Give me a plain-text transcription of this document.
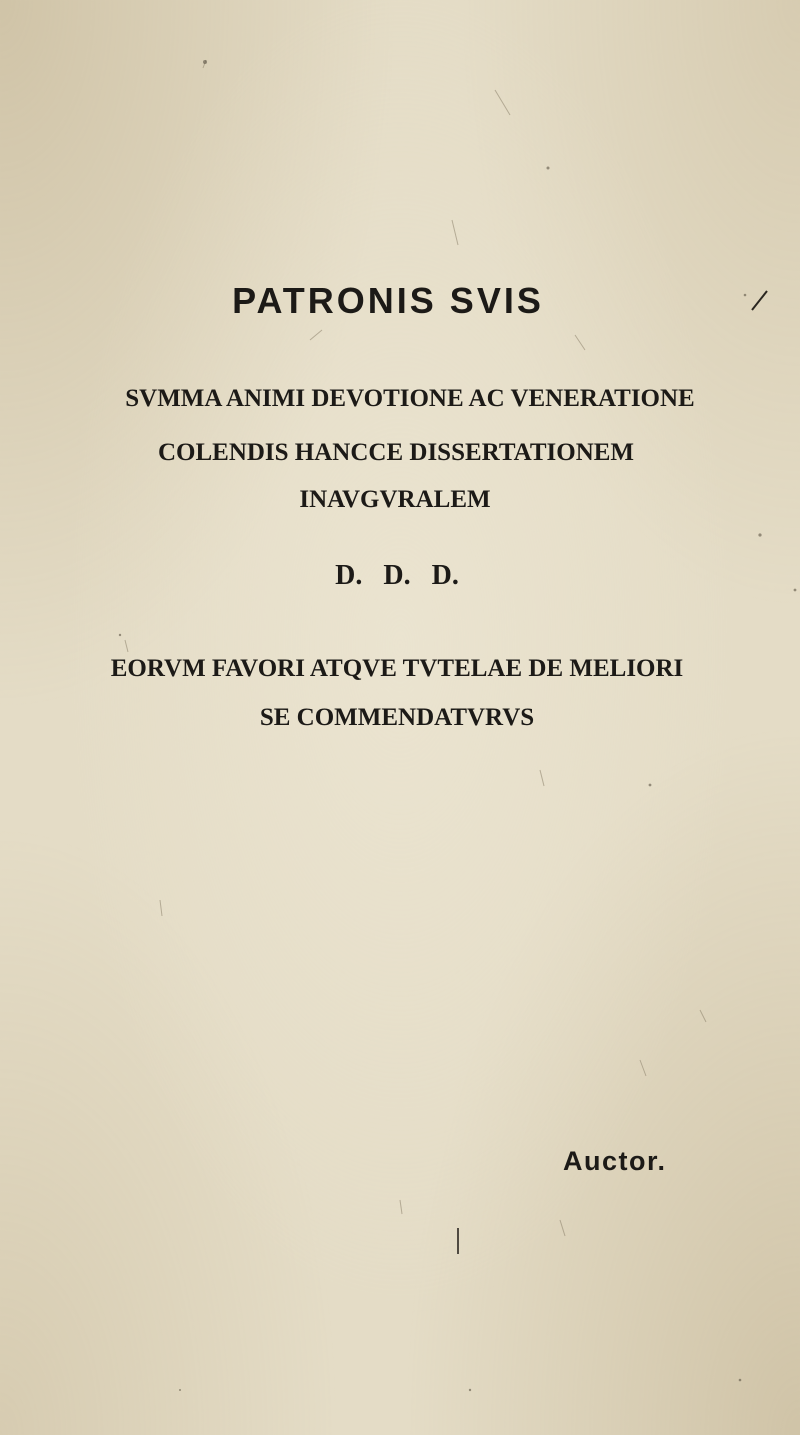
PATRONIS SVIS
SVMMA ANIMI DEVOTIONE AC VENERATIONE
COLENDIS HANCCE DISSERTATIONEM
INAVGVRALEM
D. D. D.
EORVM FAVORI ATQVE TVTELAE DE MELIORI
SE COMMENDATVRVS
Auctor.
